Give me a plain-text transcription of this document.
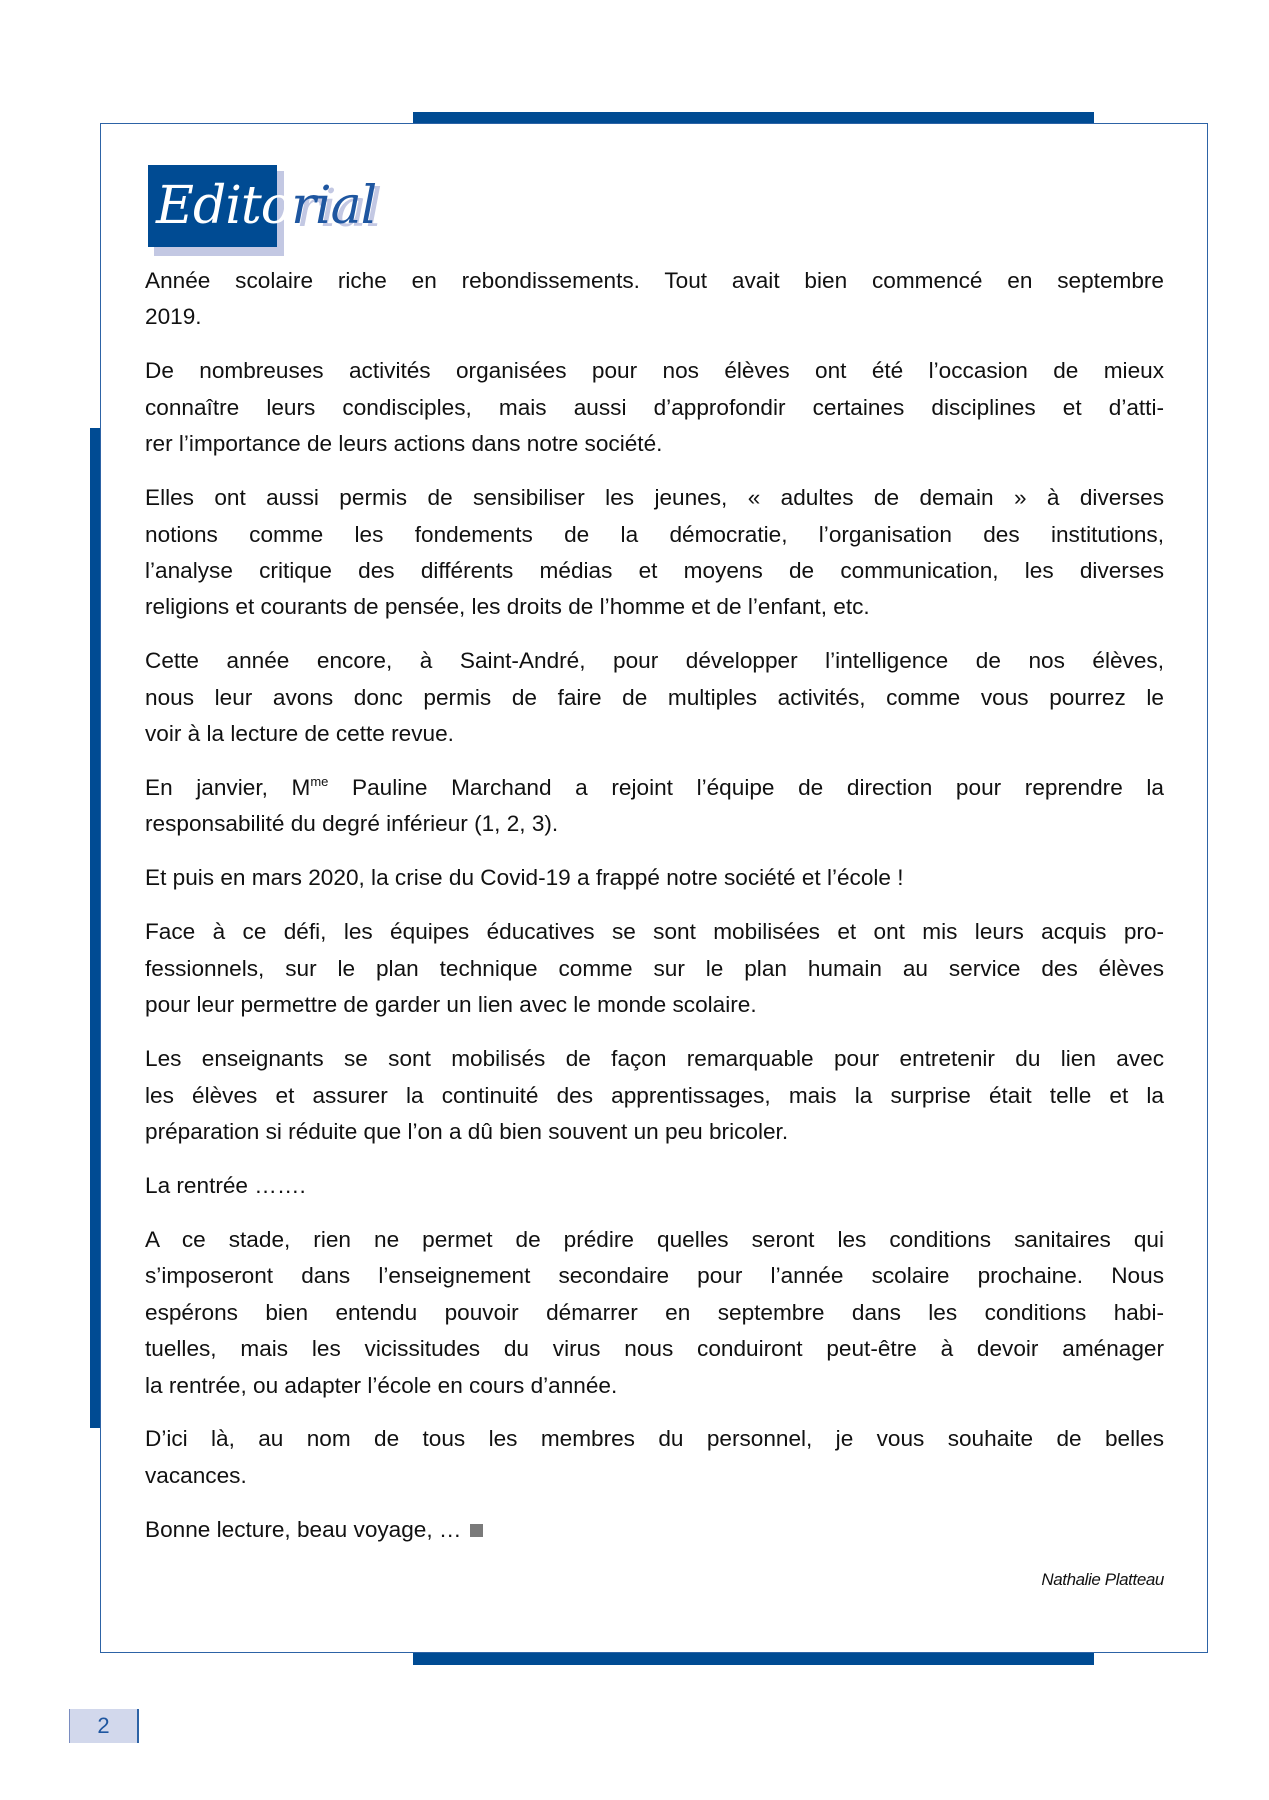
Editorial
Année scolaire riche en rebondissements. Tout avait bien commencé en septembre
2019.
De nombreuses activités organisées pour nos élèves ont été l’occasion de mieux
connaître leurs condisciples, mais aussi d’approfondir certaines disciplines et d’atti-
rer l’importance de leurs actions dans notre société.
Elles ont aussi permis de sensibiliser les jeunes, « adultes de demain » à diverses
notions comme les fondements de la démocratie, l’organisation des institutions,
l’analyse critique des différents médias et moyens de communication, les diverses
religions et courants de pensée, les droits de l’homme et de l’enfant, etc.
Cette année encore, à Saint-André, pour développer l’intelligence de nos élèves,
nous leur avons donc permis de faire de multiples activités, comme vous pourrez le
voir à la lecture de cette revue.
En janvier, $M^{me}$ Pauline Marchand a rejoint l’équipe de direction pour reprendre la
responsabilité du degré inférieur (1, 2, 3).
Et puis en mars 2020, la crise du Covid-19 a frappé notre société et l’école !
Face à ce défi, les équipes éducatives se sont mobilisées et ont mis leurs acquis pro-
fessionnels, sur le plan technique comme sur le plan humain au service des élèves
pour leur permettre de garder un lien avec le monde scolaire.
Les enseignants se sont mobilisés de façon remarquable pour entretenir du lien avec
les élèves et assurer la continuité des apprentissages, mais la surprise était telle et la
préparation si réduite que l’on a dû bien souvent un peu bricoler.
La rentrée …….
A ce stade, rien ne permet de prédire quelles seront les conditions sanitaires qui
s’imposeront dans l’enseignement secondaire pour l’année scolaire prochaine. Nous
espérons bien entendu pouvoir démarrer en septembre dans les conditions habi-
tuelles, mais les vicissitudes du virus nous conduiront peut-être à devoir aménager
la rentrée, ou adapter l’école en cours d’année.
D’ici là, au nom de tous les membres du personnel, je vous souhaite de belles
vacances.
Bonne lecture, beau voyage, …
Nathalie Platteau
2
